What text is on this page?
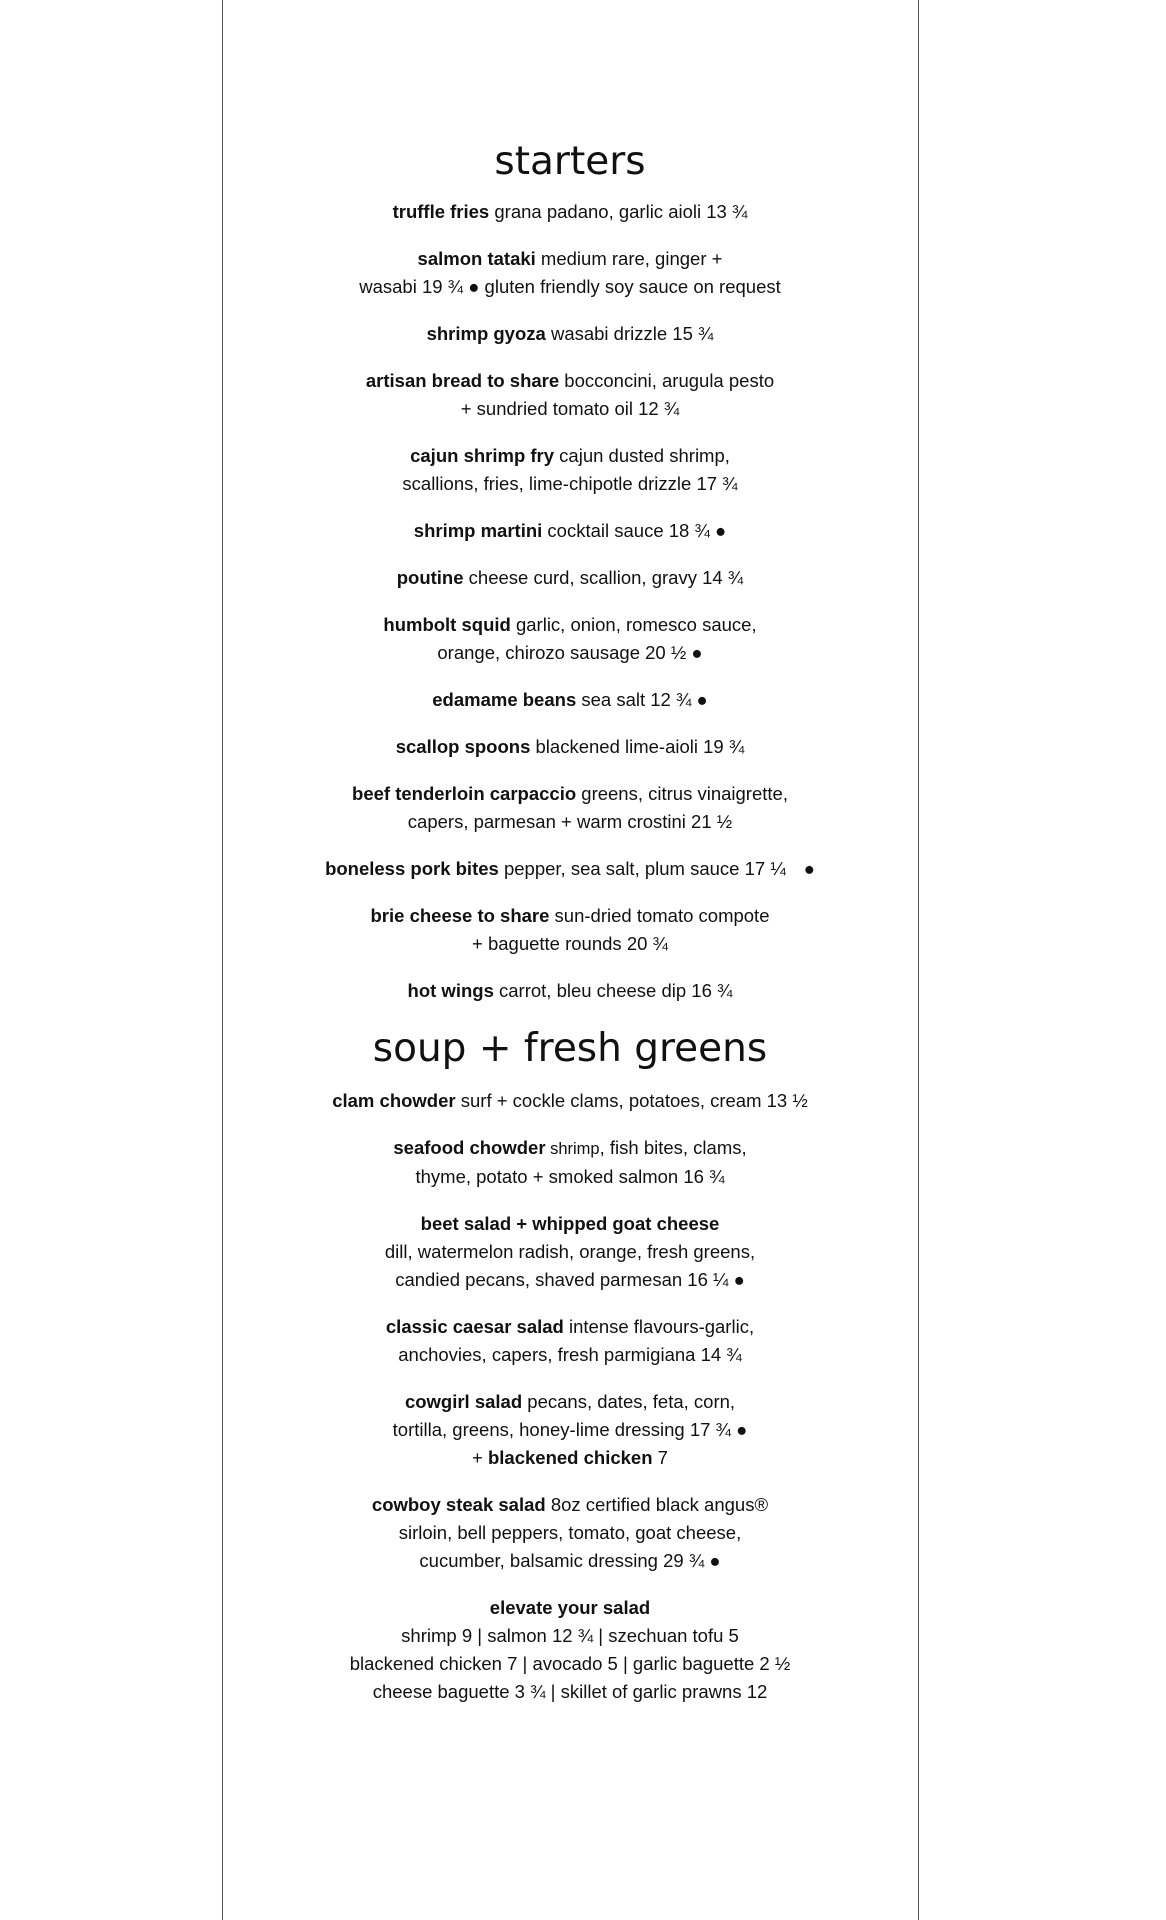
starters

truffle fries grana padano, garlic aioli 13 ¾

salmon tataki medium rare, ginger +
wasabi 19 ¾ ● gluten friendly soy sauce on request

shrimp gyoza wasabi drizzle 15 ¾

artisan bread to share bocconcini, arugula pesto
+ sundried tomato oil 12 ¾

cajun shrimp fry cajun dusted shrimp,
scallions, fries, lime-chipotle drizzle 17 ¾

shrimp martini cocktail sauce 18 ¾ ●

poutine cheese curd, scallion, gravy 14 ¾

humbolt squid garlic, onion, romesco sauce,
orange, chirozo sausage 20 ½ ●

edamame beans sea salt 12 ¾ ●

scallop spoons blackened lime-aioli 19 ¾

beef tenderloin carpaccio greens, citrus vinaigrette,
capers, parmesan + warm crostini 21 ½

boneless pork bites pepper, sea salt, plum sauce 17 ¼ ●

brie cheese to share sun-dried tomato compote
+ baguette rounds 20 ¾

hot wings carrot, bleu cheese dip 16 ¾

soup + fresh greens

clam chowder surf + cockle clams, potatoes, cream 13 ½

seafood chowder shrimp, fish bites, clams,
thyme, potato + smoked salmon 16 ¾

beet salad + whipped goat cheese
dill, watermelon radish, orange, fresh greens,
candied pecans, shaved parmesan 16 ¼ ●

classic caesar salad intense flavours-garlic,
anchovies, capers, fresh parmigiana 14 ¾

cowgirl salad pecans, dates, feta, corn,
tortilla, greens, honey-lime dressing 17 ¾ ●
+ blackened chicken 7

cowboy steak salad 8oz certified black angus®
sirloin, bell peppers, tomato, goat cheese,
cucumber, balsamic dressing 29 ¾ ●

elevate your salad
shrimp 9 | salmon 12 ¾ | szechuan tofu 5
blackened chicken 7 | avocado 5 | garlic baguette 2 ½
cheese baguette 3 ¾ | skillet of garlic prawns 12
